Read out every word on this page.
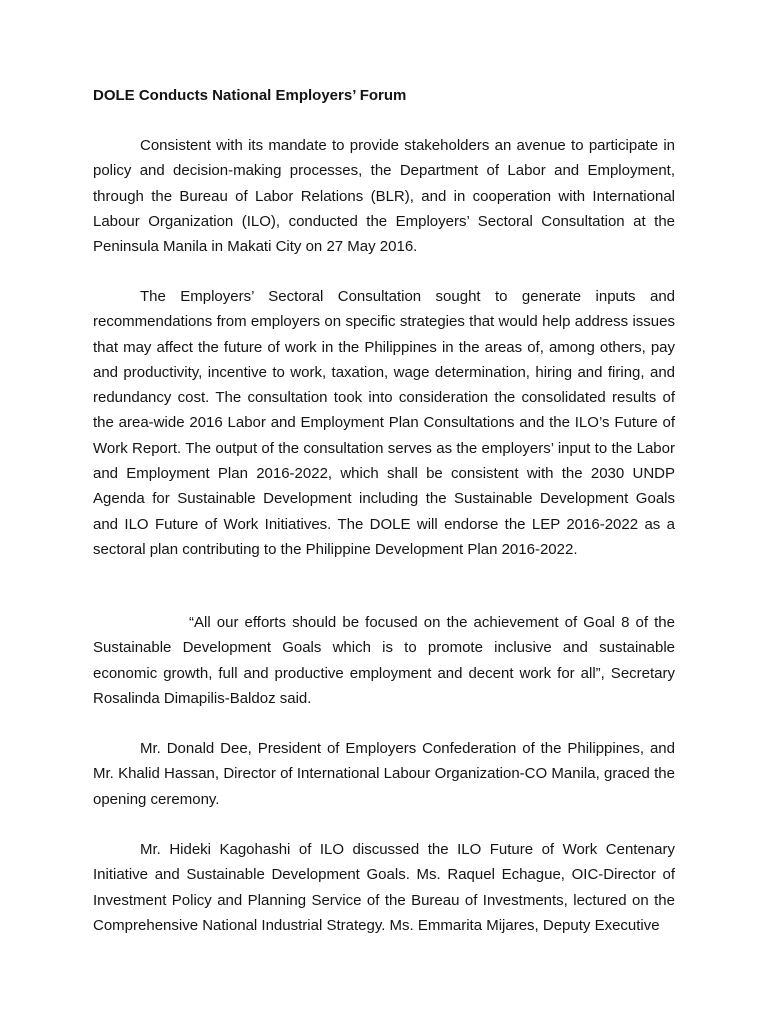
DOLE Conducts National Employers’ Forum

Consistent with its mandate to provide stakeholders an avenue to participate in policy and decision-making processes, the Department of Labor and Employment, through the Bureau of Labor Relations (BLR), and in cooperation with International Labour Organization (ILO), conducted the Employers’ Sectoral Consultation at the Peninsula Manila in Makati City on 27 May 2016.

The Employers’ Sectoral Consultation sought to generate inputs and recommendations from employers on specific strategies that would help address issues that may affect the future of work in the Philippines in the areas of, among others, pay and productivity, incentive to work, taxation, wage determination, hiring and firing, and redundancy cost. The consultation took into consideration the consolidated results of the area-wide 2016 Labor and Employment Plan Consultations and the ILO’s Future of Work Report. The output of the consultation serves as the employers’ input to the Labor and Employment Plan 2016-2022, which shall be consistent with the 2030 UNDP Agenda for Sustainable Development including the Sustainable Development Goals and ILO Future of Work Initiatives. The DOLE will endorse the LEP 2016-2022 as a sectoral plan contributing to the Philippine Development Plan 2016-2022.

“All our efforts should be focused on the achievement of Goal 8 of the Sustainable Development Goals which is to promote inclusive and sustainable economic growth, full and productive employment and decent work for all”, Secretary Rosalinda Dimapilis-Baldoz said.

Mr. Donald Dee, President of Employers Confederation of the Philippines, and Mr. Khalid Hassan, Director of International Labour Organization-CO Manila, graced the opening ceremony.

Mr. Hideki Kagohashi of ILO discussed the ILO Future of Work Centenary Initiative and Sustainable Development Goals. Ms. Raquel Echague, OIC-Director of Investment Policy and Planning Service of the Bureau of Investments, lectured on the Comprehensive National Industrial Strategy. Ms. Emmarita Mijares, Deputy Executive
